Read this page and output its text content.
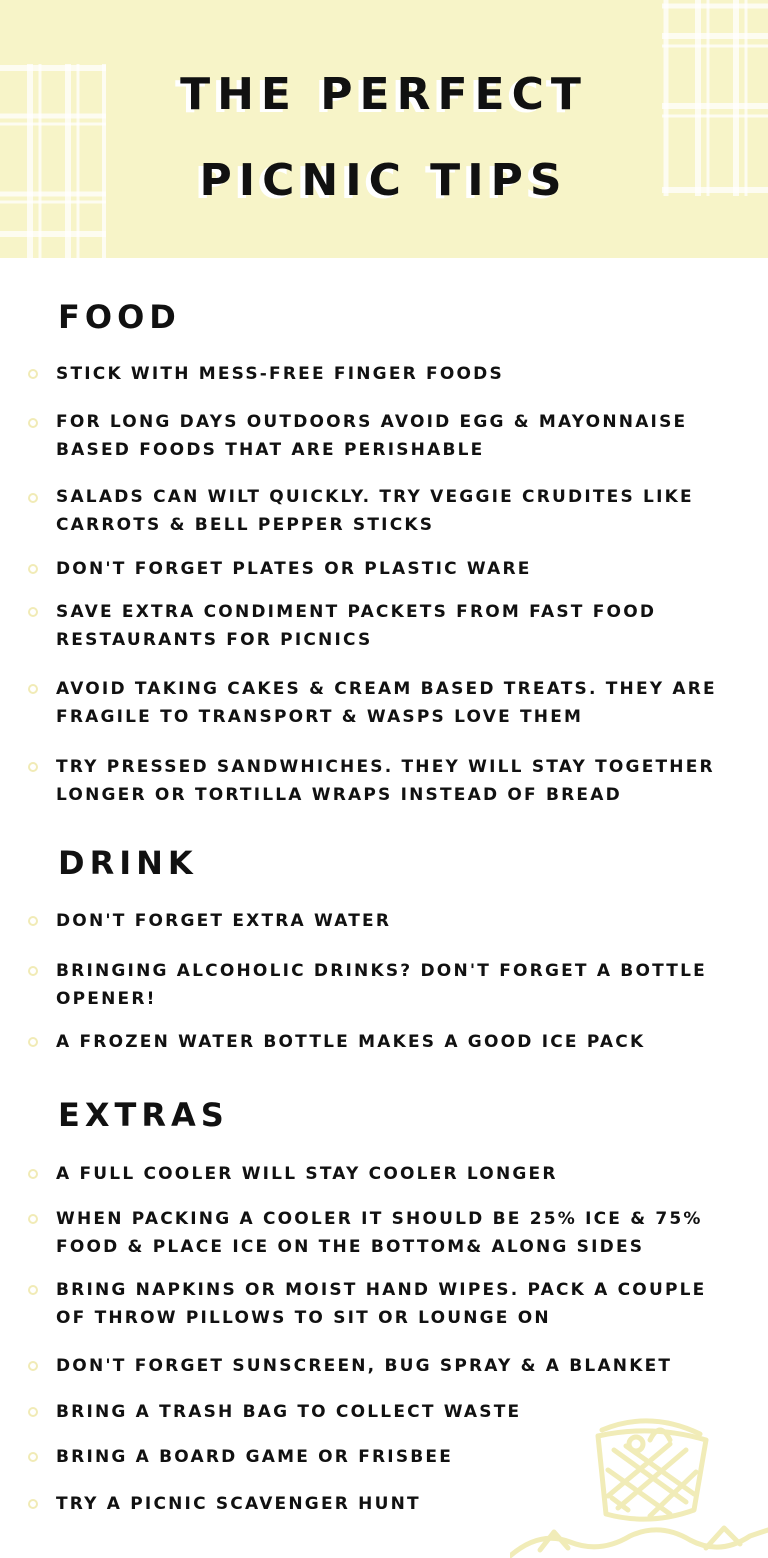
THE PERFECT
PICNIC TIPS
FOOD
STICK WITH MESS-FREE FINGER FOODS
FOR LONG DAYS OUTDOORS AVOID EGG & MAYONNAISE BASED FOODS THAT ARE PERISHABLE
SALADS CAN WILT QUICKLY. TRY VEGGIE CRUDITES LIKE CARROTS & BELL PEPPER STICKS
DON'T FORGET PLATES OR PLASTIC WARE
SAVE EXTRA CONDIMENT PACKETS FROM FAST FOOD RESTAURANTS FOR PICNICS
AVOID TAKING CAKES & CREAM BASED TREATS. THEY ARE FRAGILE TO TRANSPORT & WASPS LOVE THEM
TRY PRESSED SANDWHICHES. THEY WILL STAY TOGETHER LONGER OR TORTILLA WRAPS INSTEAD OF BREAD
DRINK
DON'T FORGET EXTRA WATER
BRINGING ALCOHOLIC DRINKS? DON'T FORGET A BOTTLE OPENER!
A FROZEN WATER BOTTLE MAKES A GOOD ICE PACK
EXTRAS
A FULL COOLER WILL STAY COOLER LONGER
WHEN PACKING A COOLER IT SHOULD BE 25% ICE & 75% FOOD & PLACE ICE ON THE BOTTOM& ALONG SIDES
BRING NAPKINS OR MOIST HAND WIPES. PACK A COUPLE OF THROW PILLOWS TO SIT OR LOUNGE ON
DON'T FORGET SUNSCREEN, BUG SPRAY & A BLANKET
BRING A TRASH BAG TO COLLECT WASTE
BRING A BOARD GAME OR FRISBEE
TRY A PICNIC SCAVENGER HUNT
